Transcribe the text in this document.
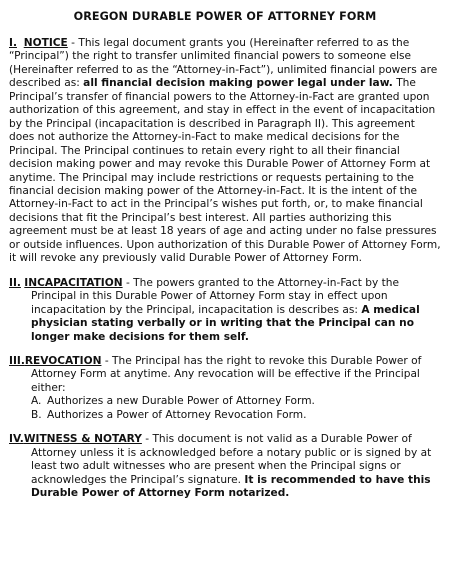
OREGON DURABLE POWER OF ATTORNEY FORM

I. NOTICE - This legal document grants you (Hereinafter referred to as the “Principal”) the right to transfer unlimited financial powers to someone else (Hereinafter referred to as the “Attorney-in-Fact”), unlimited financial powers are described as: all financial decision making power legal under law. The Principal’s transfer of financial powers to the Attorney-in-Fact are granted upon authorization of this agreement, and stay in effect in the event of incapacitation by the Principal (incapacitation is described in Paragraph II). This agreement does not authorize the Attorney-in-Fact to make medical decisions for the Principal. The Principal continues to retain every right to all their financial decision making power and may revoke this Durable Power of Attorney Form at anytime. The Principal may include restrictions or requests pertaining to the financial decision making power of the Attorney-in-Fact. It is the intent of the Attorney-in-Fact to act in the Principal’s wishes put forth, or, to make financial decisions that fit the Principal’s best interest. All parties authorizing this agreement must be at least 18 years of age and acting under no false pressures or outside influences. Upon authorization of this Durable Power of Attorney Form, it will revoke any previously valid Durable Power of Attorney Form.

II. INCAPACITATION - The powers granted to the Attorney-in-Fact by the Principal in this Durable Power of Attorney Form stay in effect upon incapacitation by the Principal, incapacitation is describes as: A medical physician stating verbally or in writing that the Principal can no longer make decisions for them self.

III.REVOCATION - The Principal has the right to revoke this Durable Power of Attorney Form at anytime. Any revocation will be effective if the Principal either:

A. Authorizes a new Durable Power of Attorney Form.
B. Authorizes a Power of Attorney Revocation Form.

IV.WITNESS & NOTARY - This document is not valid as a Durable Power of Attorney unless it is acknowledged before a notary public or is signed by at least two adult witnesses who are present when the Principal signs or acknowledges the Principal’s signature. It is recommended to have this Durable Power of Attorney Form notarized.
